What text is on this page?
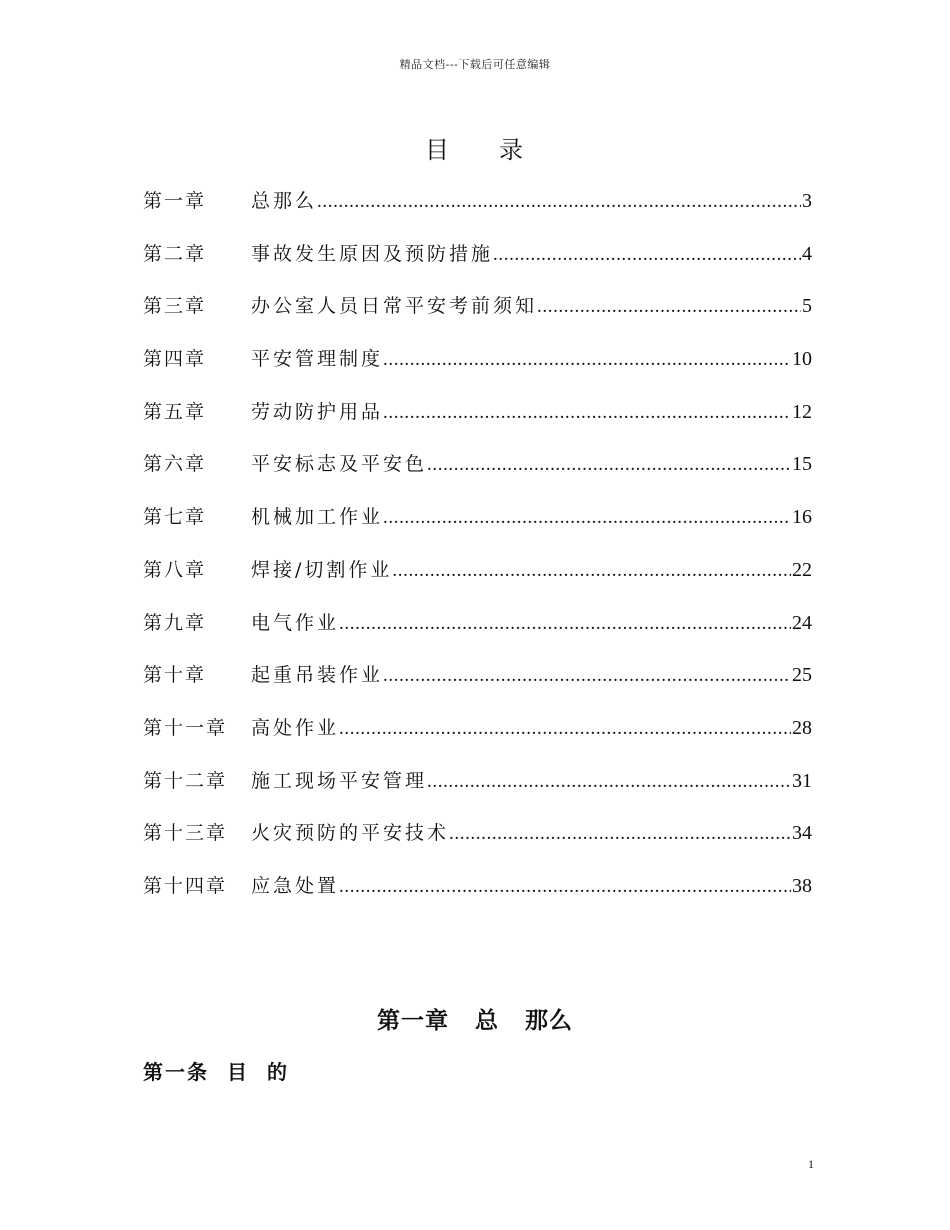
精品文档---下载后可任意编辑
目 录
第一章	总那么 .....	3
第二章	事故发生原因及预防措施 .....	4
第三章	办公室人员日常平安考前须知 .....	5
第四章	平安管理制度 .....	10
第五章	劳动防护用品 .....	12
第六章	平安标志及平安色 .....	15
第七章	机械加工作业 .....	16
第八章	焊接/切割作业 .....	22
第九章	电气作业 .....	24
第十章	起重吊装作业 .....	25
第十一章	高处作业 .....	28
第十二章	施工现场平安管理 .....	31
第十三章	火灾预防的平安技术 .....	34
第十四章	应急处置 .....	38
第一章 总 那么
第一条 目 的
1
